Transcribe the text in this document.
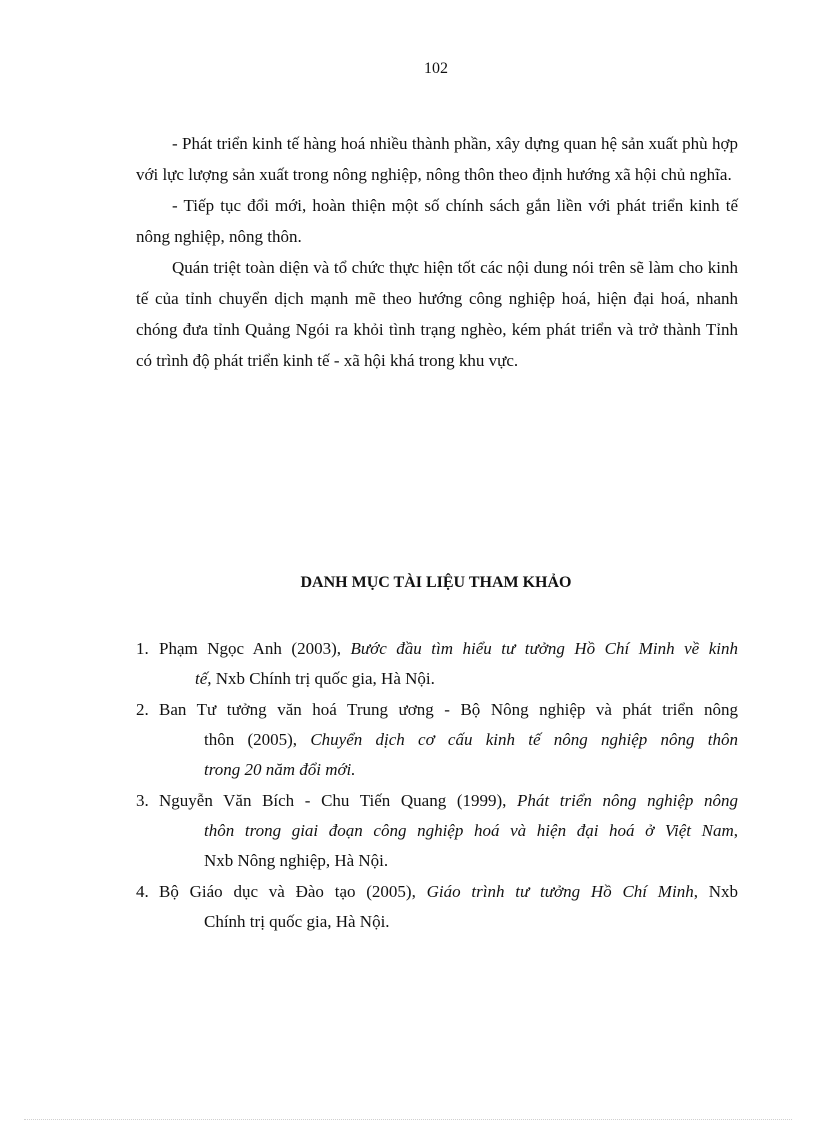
102

- Phát triển kinh tế hàng hoá nhiều thành phần, xây dựng quan hệ sản xuất phù hợp với lực lượng sản xuất trong nông nghiệp, nông thôn theo định hướng xã hội chủ nghĩa.

- Tiếp tục đổi mới, hoàn thiện một số chính sách gắn liền với phát triển kinh tế nông nghiệp, nông thôn.

Quán triệt toàn diện và tổ chức thực hiện tốt các nội dung nói trên sẽ làm cho kinh tế của tỉnh chuyển dịch mạnh mẽ theo hướng công nghiệp hoá, hiện đại hoá, nhanh chóng đưa tỉnh Quảng Ngói ra khỏi tình trạng nghèo, kém phát triển và trở thành Tỉnh có trình độ phát triển kinh tế - xã hội khá trong khu vực.

DANH MỤC TÀI LIỆU THAM KHẢO
1. Phạm Ngọc Anh (2003), Bước đầu tìm hiểu tư tưởng Hồ Chí Minh về kinh
tế, Nxb Chính trị quốc gia, Hà Nội.
2. Ban Tư tưởng văn hoá Trung ương - Bộ Nông nghiệp và phát triển nông
thôn (2005), Chuyển dịch cơ cấu kinh tế nông nghiệp nông thôn
trong 20 năm đổi mới.
3. Nguyễn Văn Bích - Chu Tiến Quang (1999), Phát triển nông nghiệp nông
thôn trong giai đoạn công nghiệp hoá và hiện đại hoá ở Việt Nam,
Nxb Nông nghiệp, Hà Nội.
4. Bộ Giáo dục và Đào tạo (2005), Giáo trình tư tưởng Hồ Chí Minh, Nxb
Chính trị quốc gia, Hà Nội.
